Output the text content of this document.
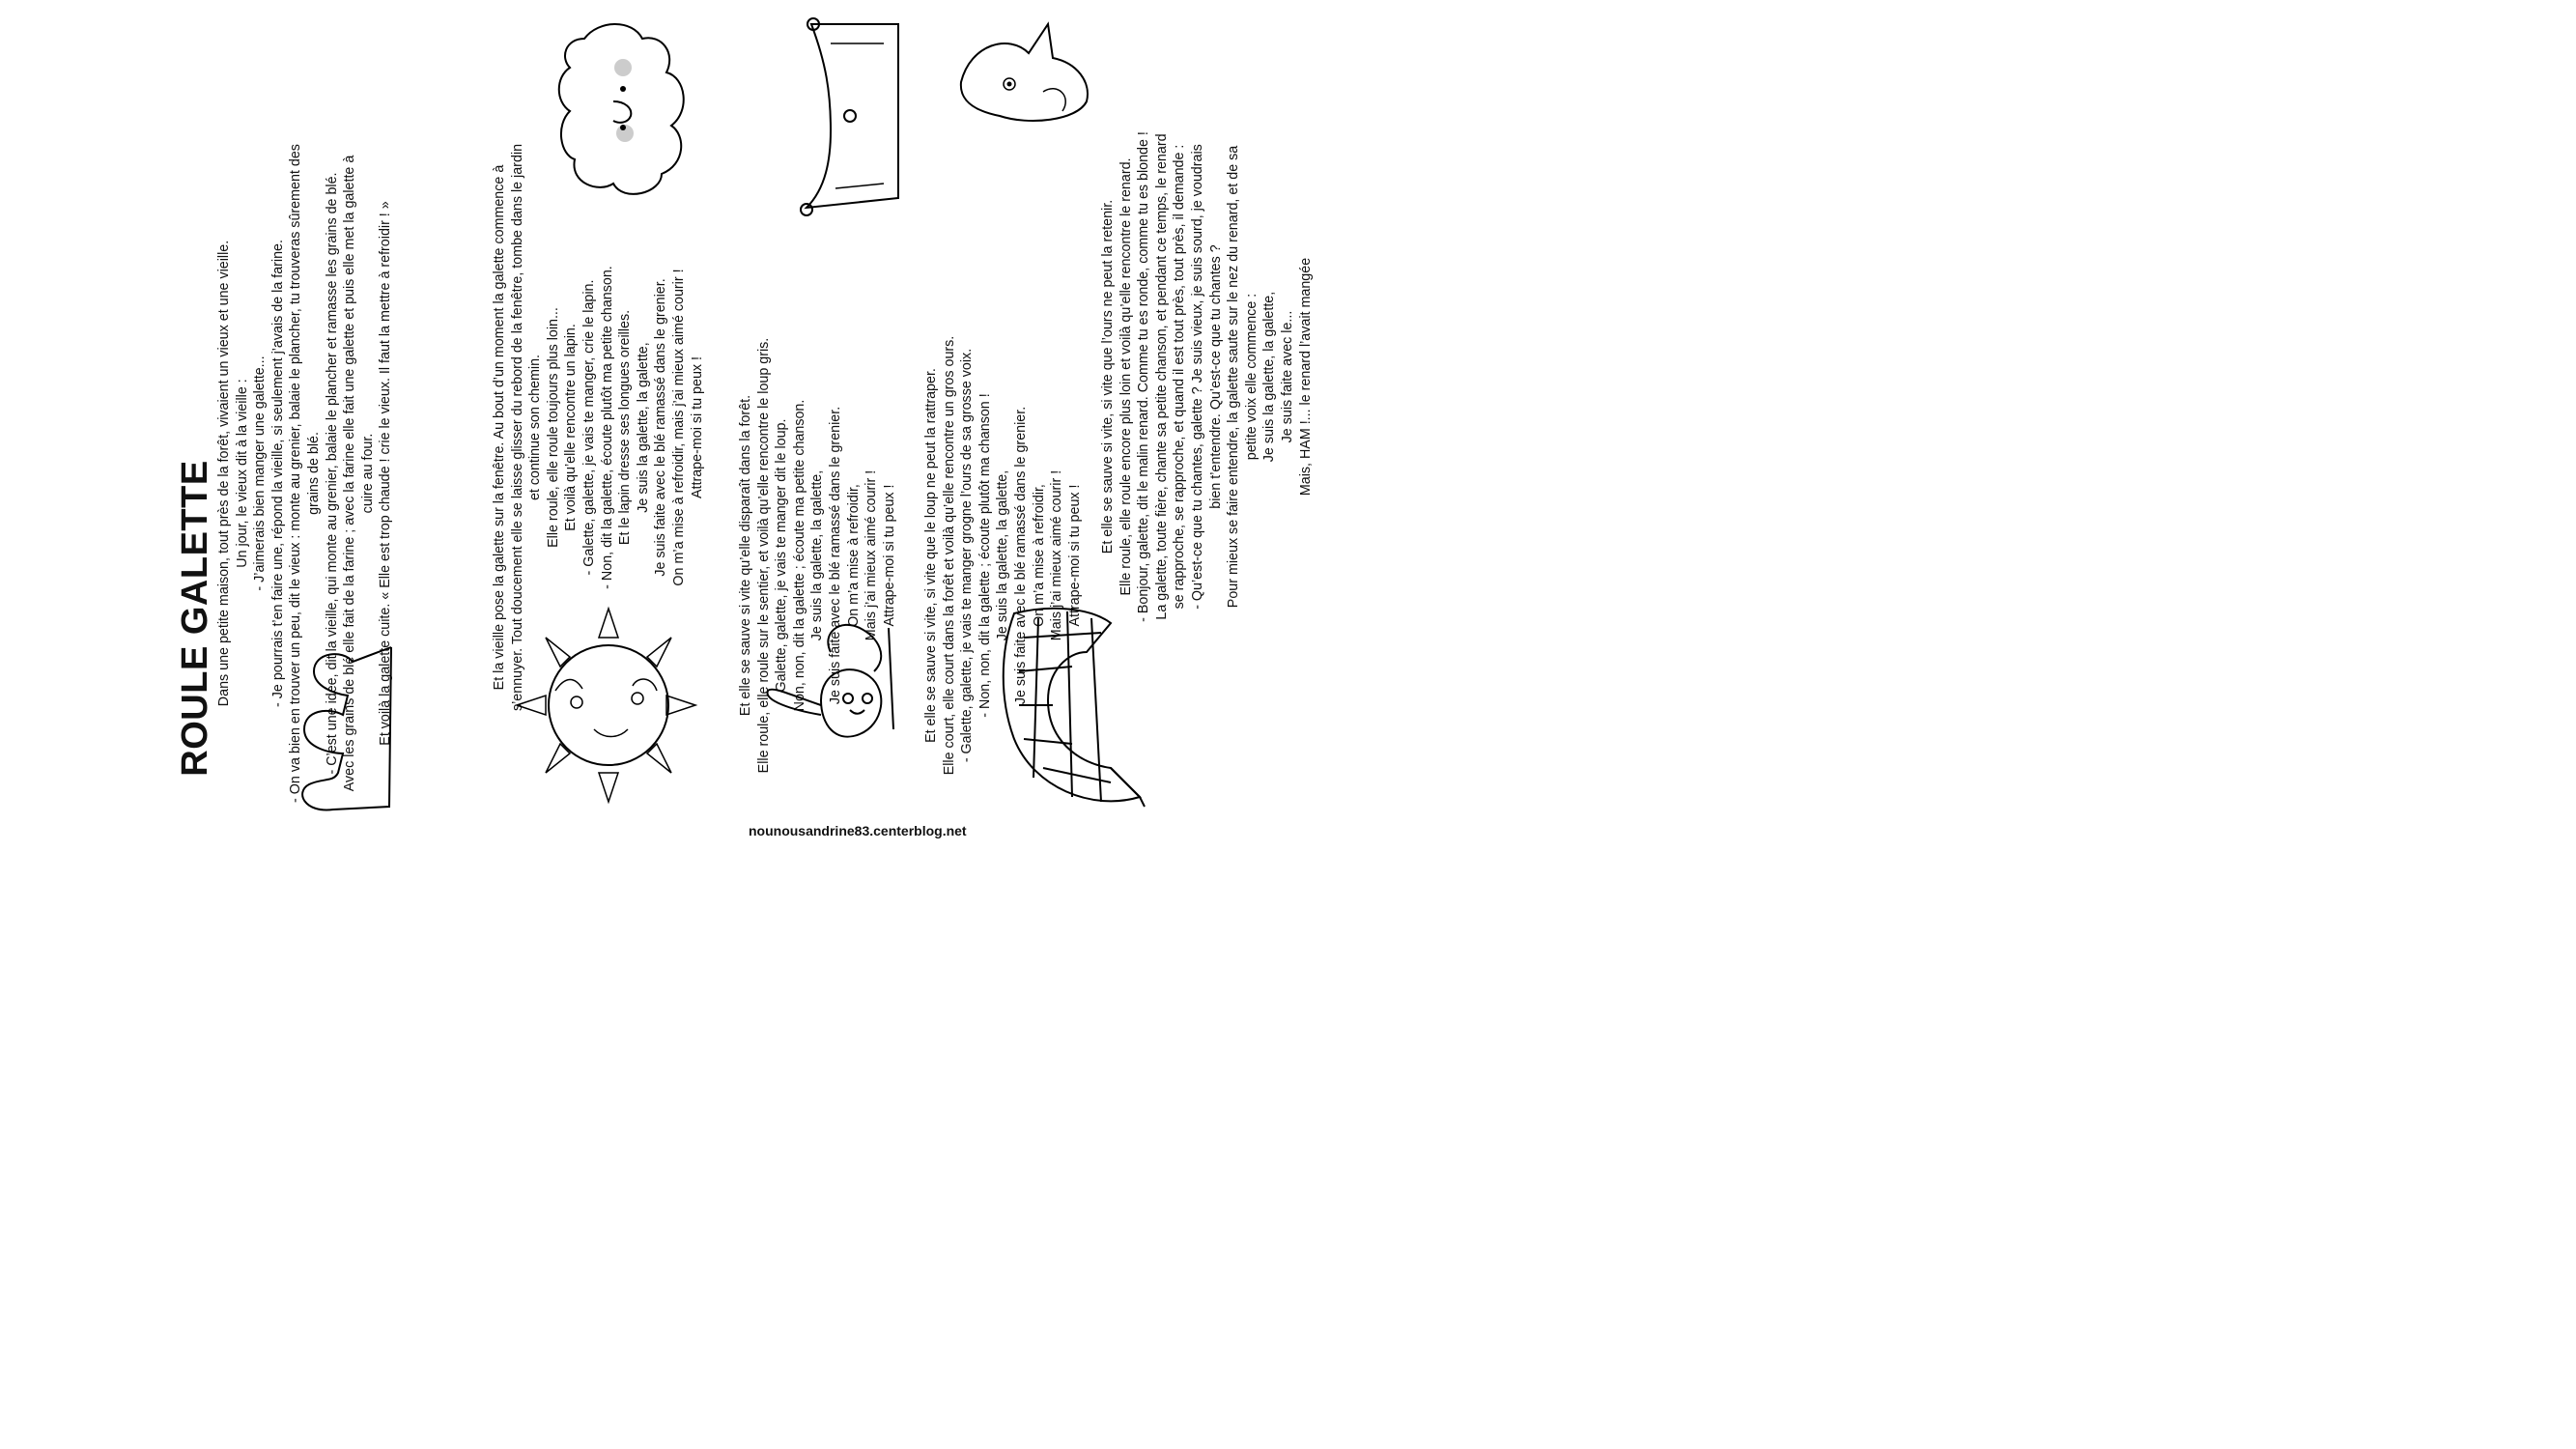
ROULE GALETTE Dans une petite maison, tout près de la forêt, vivaient un vieux et une vieille. Un jour, le vieux dit à la vieille : - J’aimerais bien manger une galette... - Je pourrais t’en faire une, répond la vieille, si seulement j’avais de la farine. - On va bien en trouver un peu, dit le vieux : monte au grenier, balaie le plancher, tu trouveras sûrement des grains de blé. - C’est une idée, dit la vieille, qui monte au grenier, balaie le plancher et ramasse les grains de blé. Avec les grains de blé elle fait de la farine ; avec la farine elle fait une galette et puis elle met la galette à cuire au four. Et voilà la galette cuite. « Elle est trop chaude ! crie le vieux. Il faut la mettre à refroidir ! »	Et la vieille pose la galette sur la fenêtre. Au bout d’un moment la galette commence à s’ennuyer. Tout doucement elle se laisse glisser du rebord de la fenêtre, tombe dans le jardin et continue son chemin. Elle roule, elle roule toujours plus loin... Et voilà qu’elle rencontre un lapin. - Galette, galette, je vais te manger, crie le lapin. - Non, dit la galette, écoute plutôt ma petite chanson. Et le lapin dresse ses longues oreilles. Je suis la galette, la galette, Je suis faite avec le blé ramassé dans le grenier. On m’a mise à refroidir, mais j’ai mieux aimé courir ! Attrape-moi si tu peux ! Et elle se sauve si vite qu’elle disparaît dans la forêt. Elle roule, elle roule sur le sentier, et voilà qu’elle rencontre le loup gris. Galette, galette, je vais te manger dit le loup. Non, non, dit la galette ; écoute ma petite chanson. Je suis la galette, la galette, Je suis faite avec le blé ramassé dans le grenier. On m’a mise à refroidir, Mais j’ai mieux aimé courir ! Attrape-moi si tu peux ! Et elle se sauve si vite, si vite que le loup ne peut la rattraper. Elle court, elle court dans la forêt et voilà qu’elle rencontre un gros ours. - Galette, galette, je vais te manger grogne l’ours de sa grosse voix. - Non, non, dit la galette ; écoute plutôt ma chanson ! Je suis la galette, la galette, Je suis faite avec le blé ramassé dans le grenier. On m’a mise à refroidir, Mais j’ai mieux aimé courir ! Attrape-moi si tu peux !

Et elle se sauve si vite, si vite que l’ours ne peut la retenir. Elle roule, elle roule encore plus loin et voilà qu’elle rencontre le renard. - Bonjour, galette, dit le malin renard. Comme tu es ronde, comme tu es blonde ! La galette, toute fière, chante sa petite chanson, et pendant ce temps, le renard se rapproche, se rapproche, et quand il est tout près, tout près, il demande : - Qu’est-ce que tu chantes, galette ? Je suis vieux, je suis sourd, je voudrais bien t’entendre. Qu’est-ce que tu chantes ? Pour mieux se faire entendre, la galette saute sur le nez du renard, et de sa petite voix elle commence : Je suis la galette, la galette, Je suis faite avec le... Mais, HAM !... le renard l’avait mangée

nounousandrine83.centerblog.net
